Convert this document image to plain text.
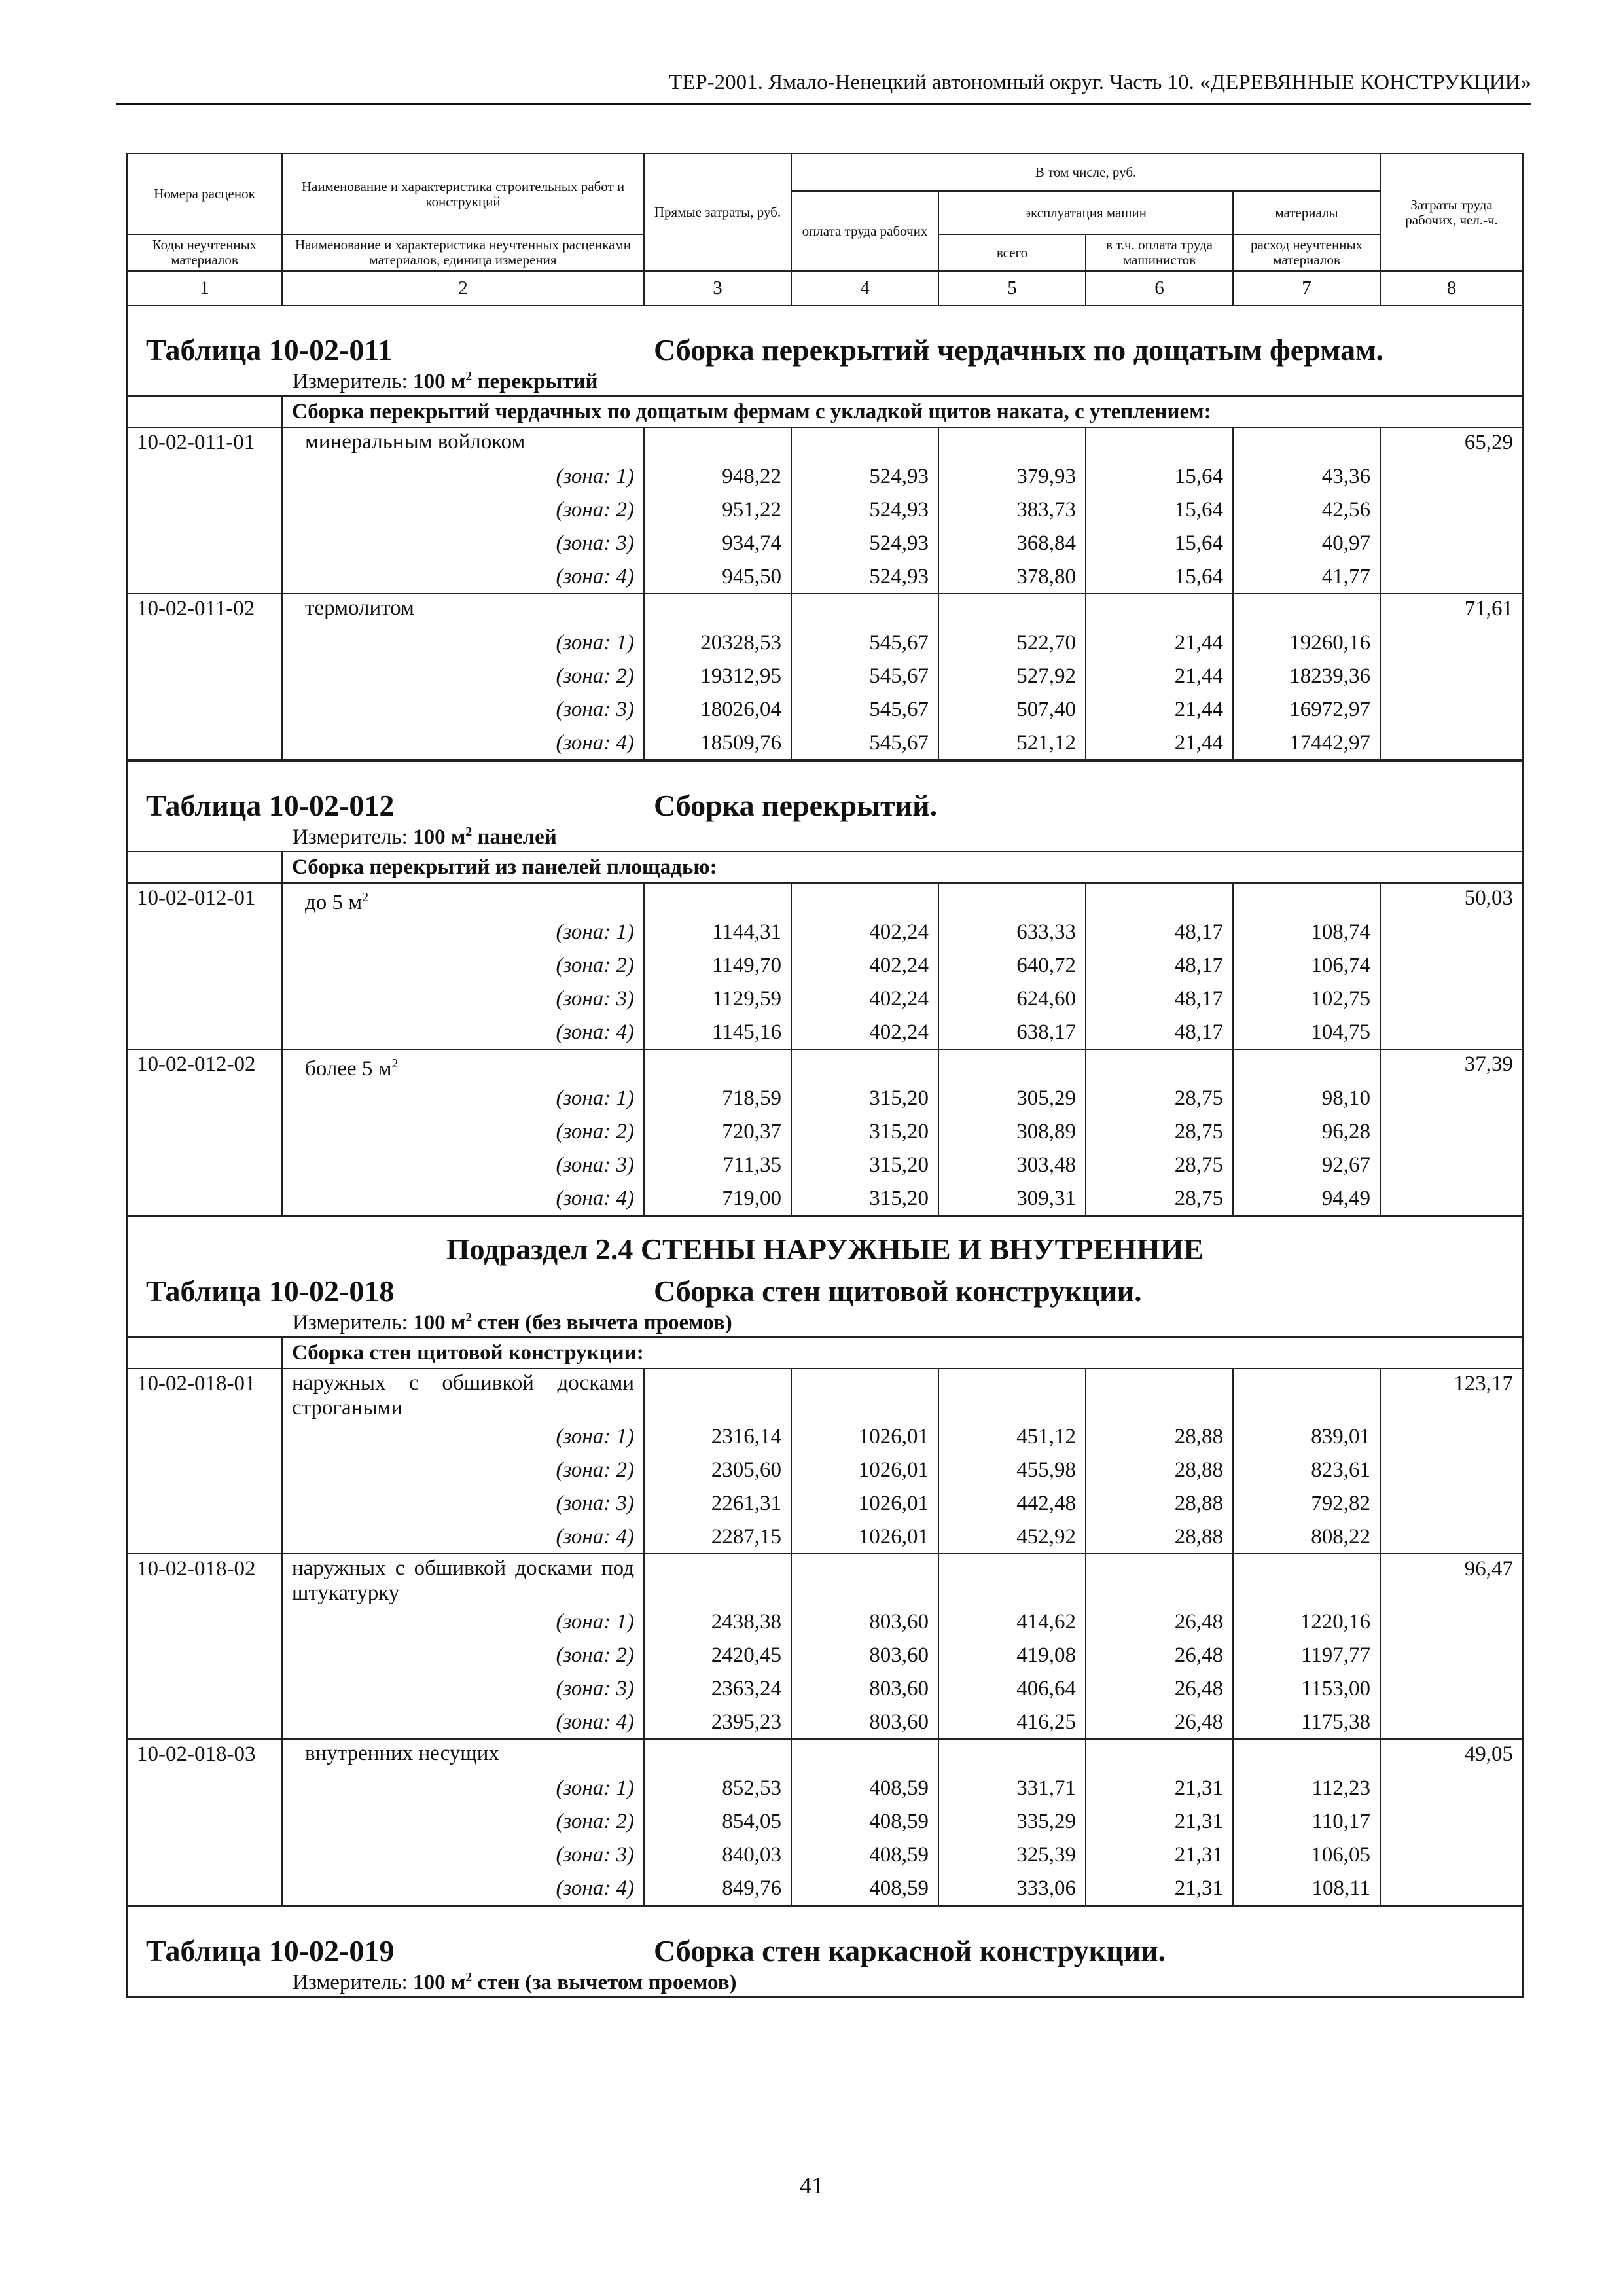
ТЕР-2001. Ямало-Ненецкий автономный округ. Часть 10. «ДЕРЕВЯННЫЕ КОНСТРУКЦИИ»
Номера расценок	Наименование и характеристика строительных работ и конструкций	Прямые затраты, руб.	В том числе, руб.				Затраты труда рабочих, чел.-ч.
			оплата труда рабочих	эксплуатация машин		материалы	
				всего	в т.ч. оплата труда машинистов	расход неучтенных материалов	
Коды неучтенных материалов	Наименование и характеристика неучтенных расценками материалов, единица измерения						

1	2	3	4	5	6	7	8
Таблица 10-02-011 Сборка перекрытий чердачных по дощатым фермам.							
Измеритель: 100 $м^2$ перекрытий							
	Сборка перекрытий чердачных по дощатым фермам с укладкой щитов наката, с утеплением:						
10-02-011-01	минеральным войлоком						65,29
	(зона: 1)	948,22	524,93	379,93	15,64	43,36	
	(зона: 2)	951,22	524,93	383,73	15,64	42,56	
	(зона: 3)	934,74	524,93	368,84	15,64	40,97	
	(зона: 4)	945,50	524,93	378,80	15,64	41,77	
10-02-011-02	термолитом						71,61
	(зона: 1)	20328,53	545,67	522,70	21,44	19260,16	
	(зона: 2)	19312,95	545,67	527,92	21,44	18239,36	
	(зона: 3)	18026,04	545,67	507,40	21,44	16972,97	
	(зона: 4)	18509,76	545,67	521,12	21,44	17442,97	

Таблица 10-02-012 Сборка перекрытий.							
Измеритель: 100 $м^2$ панелей							
	Сборка перекрытий из панелей площадью:						
10-02-012-01	до 5 $м^2$						50,03
	(зона: 1)	1144,31	402,24	633,33	48,17	108,74	
	(зона: 2)	1149,70	402,24	640,72	48,17	106,74	
	(зона: 3)	1129,59	402,24	624,60	48,17	102,75	
	(зона: 4)	1145,16	402,24	638,17	48,17	104,75	
10-02-012-02	более 5 $м^2$						37,39
	(зона: 1)	718,59	315,20	305,29	28,75	98,10	
	(зона: 2)	720,37	315,20	308,89	28,75	96,28	
	(зона: 3)	711,35	315,20	303,48	28,75	92,67	
	(зона: 4)	719,00	315,20	309,31	28,75	94,49	

Подраздел 2.4 СТЕНЫ НАРУЖНЫЕ И ВНУТРЕННИЕ							
Таблица 10-02-018 Сборка стен щитовой конструкции.							
Измеритель: 100 $м^2$ стен (без вычета проемов)							
	Сборка стен щитовой конструкции:						
10-02-018-01	наружных с обшивкой досками строгаными						123,17
	(зона: 1)	2316,14	1026,01	451,12	28,88	839,01	
	(зона: 2)	2305,60	1026,01	455,98	28,88	823,61	
	(зона: 3)	2261,31	1026,01	442,48	28,88	792,82	
	(зона: 4)	2287,15	1026,01	452,92	28,88	808,22	
10-02-018-02	наружных с обшивкой досками под штукатурку						96,47
	(зона: 1)	2438,38	803,60	414,62	26,48	1220,16	
	(зона: 2)	2420,45	803,60	419,08	26,48	1197,77	
	(зона: 3)	2363,24	803,60	406,64	26,48	1153,00	
	(зона: 4)	2395,23	803,60	416,25	26,48	1175,38	
10-02-018-03	внутренних несущих						49,05
	(зона: 1)	852,53	408,59	331,71	21,31	112,23	
	(зона: 2)	854,05	408,59	335,29	21,31	110,17	
	(зона: 3)	840,03	408,59	325,39	21,31	106,05	
	(зона: 4)	849,76	408,59	333,06	21,31	108,11	

Таблица 10-02-019 Сборка стен каркасной конструкции.							
Измеритель: 100 $м^2$ стен (за вычетом проемов)							
41
